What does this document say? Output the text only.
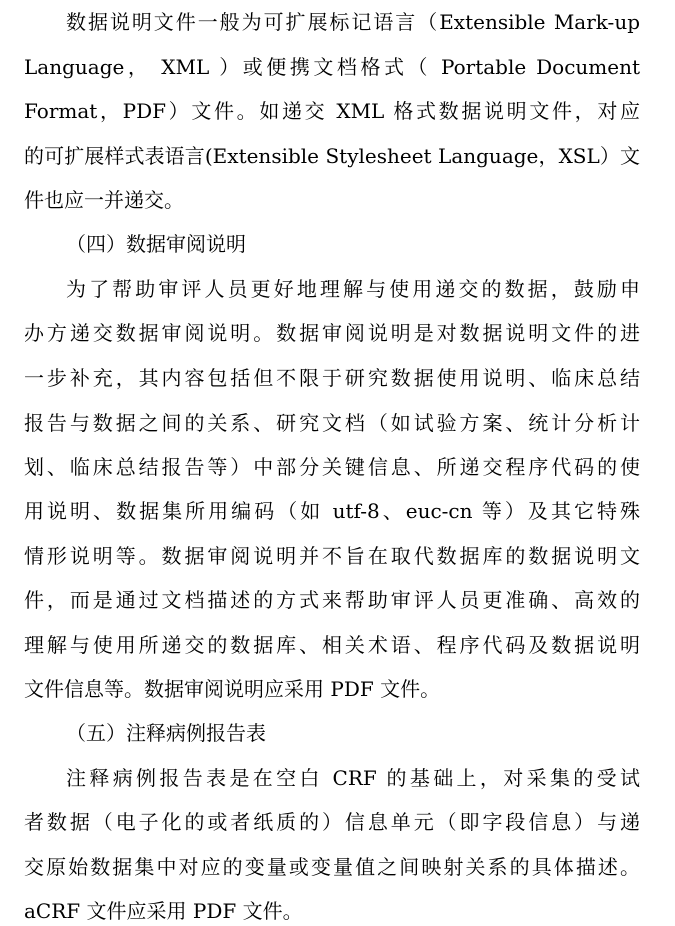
数据说明文件一般为可扩展标记语言（Extensible Mark-up
Language， XML ）或便携文档格式（ Portable Document
Format，PDF）文件。如递交 XML 格式数据说明文件，对应
的可扩展样式表语言(Extensible Stylesheet Language，XSL）文
件也应一并递交。
（四）数据审阅说明
为了帮助审评人员更好地理解与使用递交的数据，鼓励申
办方递交数据审阅说明。数据审阅说明是对数据说明文件的进
一步补充，其内容包括但不限于研究数据使用说明、临床总结
报告与数据之间的关系、研究文档（如试验方案、统计分析计
划、临床总结报告等）中部分关键信息、所递交程序代码的使
用说明、数据集所用编码（如 utf-8、euc-cn 等）及其它特殊
情形说明等。数据审阅说明并不旨在取代数据库的数据说明文
件，而是通过文档描述的方式来帮助审评人员更准确、高效的
理解与使用所递交的数据库、相关术语、程序代码及数据说明
文件信息等。数据审阅说明应采用 PDF 文件。
（五）注释病例报告表
注释病例报告表是在空白 CRF 的基础上，对采集的受试
者数据（电子化的或者纸质的）信息单元（即字段信息）与递
交原始数据集中对应的变量或变量值之间映射关系的具体描述。
aCRF 文件应采用 PDF 文件。
